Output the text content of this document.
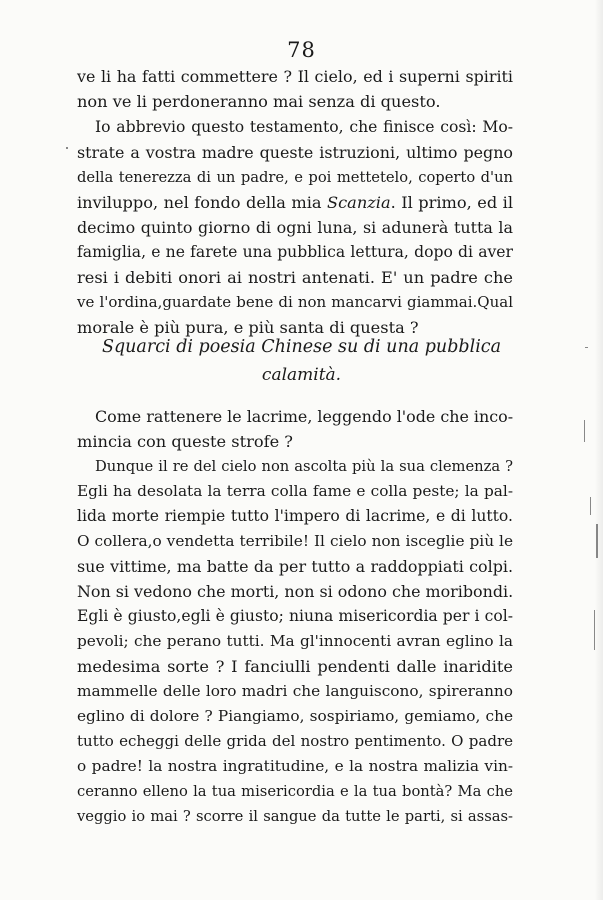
78
ve li ha fatti commettere ? Il cielo, ed i superni spiriti
non ve li perdoneranno mai senza di questo.
Io abbrevio questo testamento, che finisce così: Mo-
strate a vostra madre queste istruzioni, ultimo pegno
della tenerezza di un padre, e poi mettetelo, coperto d'un
inviluppo, nel fondo della mia Scanzia. Il primo, ed il
decimo quinto giorno di ogni luna, si adunerà tutta la
famiglia, e ne farete una pubblica lettura, dopo di aver
resi i debiti onori ai nostri antenati. E' un padre che
ve l'ordina,guardate bene di non mancarvi giammai.Qual
morale è più pura, e più santa di questa ?
Squarci di poesia Chinese su di una pubblica
calamità.
Come rattenere le lacrime, leggendo l'ode che inco-
mincia con queste strofe ?
Dunque il re del cielo non ascolta più la sua clemenza ?
Egli ha desolata la terra colla fame e colla peste; la pal-
lida morte riempie tutto l'impero di lacrime, e di lutto.
O collera,o vendetta terribile! Il cielo non isceglie più le
sue vittime, ma batte da per tutto a raddoppiati colpi.
Non si vedono che morti, non si odono che moribondi.
Egli è giusto,egli è giusto; niuna misericordia per i col-
pevoli; che perano tutti. Ma gl'innocenti avran eglino la
medesima sorte ? I fanciulli pendenti dalle inaridite
mammelle delle loro madri che languiscono, spireranno
eglino di dolore ? Piangiamo, sospiriamo, gemiamo, che
tutto echeggi delle grida del nostro pentimento. O padre
o padre! la nostra ingratitudine, e la nostra malizia vin-
ceranno elleno la tua misericordia e la tua bontà? Ma che
veggio io mai ? scorre il sangue da tutte le parti, si assas-
